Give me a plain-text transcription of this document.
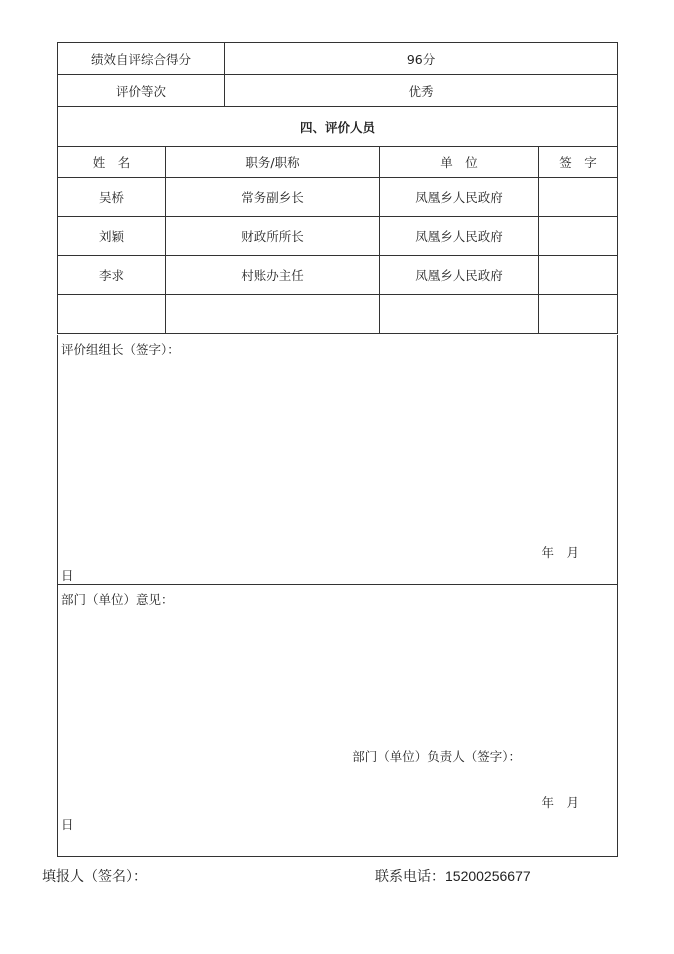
绩效自评综合得分	96分
评价等次	优秀
四、评价人员			
姓　名	职务/职称	单　位	签　字
吴桥	常务副乡长	凤凰乡人民政府	
刘颖	财政所所长	凤凰乡人民政府	
李求	村账办主任	凤凰乡人民政府	

评价组组长（签字）：
年　月
日
部门（单位）意见：
部门（单位）负责人（签字）：
年　月
日
填报人（签名）：	联系电话：15200256677
